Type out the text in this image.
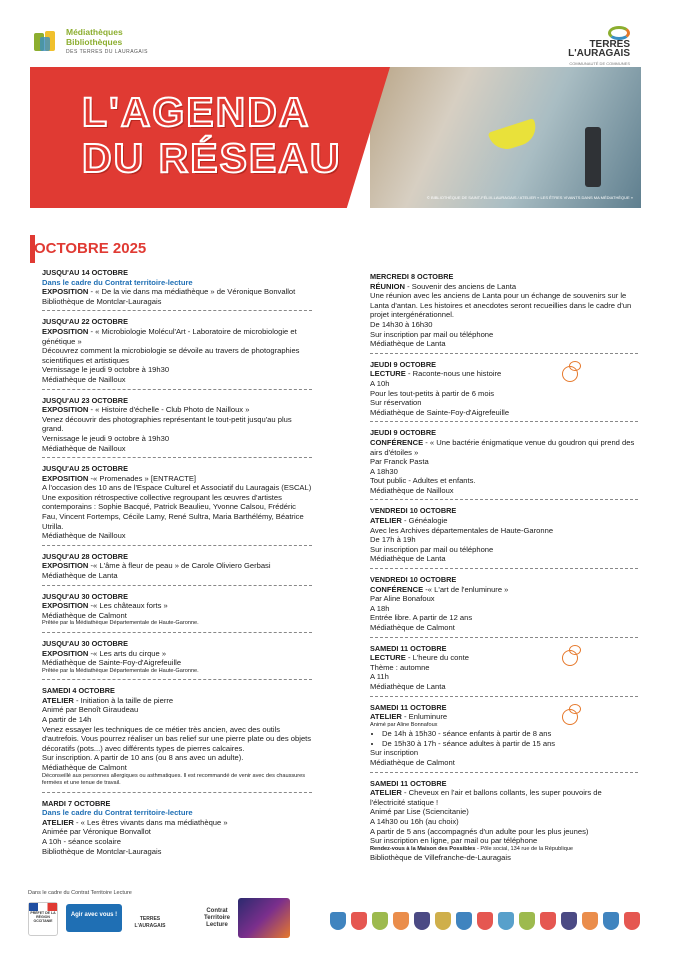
Médiathèques
Bibliothèques
DES TERRES DU LAURAGAIS
TERRES
L'AURAGAIS
COMMUNAUTÉ DE COMMUNES
L'AGENDA
DU RÉSEAU
© BIBLIOTHÈQUE DE SAINT-FÉLIX-LAURAGAIS / ATELIER « LES ÊTRES VIVANTS DANS MA MÉDIATHÈQUE »
OCTOBRE 2025
JUSQU'AU 14 OCTOBRE
Dans le cadre du Contrat territoire-lecture
EXPOSITION - « De la vie dans ma médiathèque » de Véronique Bonvallot
Bibliothèque de Montclar-Lauragais
JUSQU'AU 22 OCTOBRE
EXPOSITION - « Microbiologie Molécul'Art - Laboratoire de microbiologie et génétique »
Découvrez comment la microbiologie se dévoile au travers de photographies scientifiques et artistiques
Vernissage le jeudi 9 octobre à 19h30
Médiathèque de Nailloux
JUSQU'AU 23 OCTOBRE
EXPOSITION - « Histoire d'échelle - Club Photo de Nailloux »
Venez découvrir des photographies représentant le tout-petit jusqu'au plus grand.
Vernissage le jeudi 9 octobre à 19h30
Médiathèque de Nailloux
JUSQU'AU 25 OCTOBRE
EXPOSITION -« Promenades » [ENTRACTE]
A l'occasion des 10 ans de l'Espace Culturel et Associatif du Lauragais (ESCAL)
Une exposition rétrospective collective regroupant les œuvres d'artistes contemporains : Sophie Bacqué, Patrick Beaulieu, Yvonne Calsou, Frédéric Fau, Vincent Fortemps, Cécile Lamy, René Sultra, Maria Barthélémy, Béatrice Utrilla.
Médiathèque de Nailloux
JUSQU'AU 28 OCTOBRE
EXPOSITION -« L'âme à fleur de peau » de Carole Oliviero Gerbasi
Médiathèque de Lanta
JUSQU'AU 30 OCTOBRE
EXPOSITION -« Les châteaux forts »
Médiathèque de Calmont
Prêtée par la Médiathèque Départementale de Haute-Garonne.
JUSQU'AU 30 OCTOBRE
EXPOSITION -« Les arts du cirque »
Médiathèque de Sainte-Foy-d'Aigrefeuille
Prêtée par la Médiathèque Départementale de Haute-Garonne.
SAMEDI 4 OCTOBRE
ATELIER - Initiation à la taille de pierre
Animé par Benoît Giraudeau
A partir de 14h
Venez essayer les techniques de ce métier très ancien, avec des outils d'autrefois. Vous pourrez réaliser un bas relief sur une pierre plate ou des objets décoratifs (pots...) avec différents types de pierres calcaires.
Sur inscription. A partir de 10 ans (ou 8 ans avec un adulte).
Médiathèque de Calmont
Déconseillé aux personnes allergiques ou asthmatiques. Il est recommandé de venir avec des chaussures fermées et une tenue de travail.
MARDI 7 OCTOBRE
Dans le cadre du Contrat territoire-lecture
ATELIER - « Les êtres vivants dans ma médiathèque »
Animée par Véronique Bonvallot
A 10h - séance scolaire
Bibliothèque de Montclar-Lauragais
MERCREDI 8 OCTOBRE
RÉUNION - Souvenir des anciens de Lanta
Une réunion avec les anciens de Lanta pour un échange de souvenirs sur le Lanta d'antan. Les histoires et anecdotes seront recueillies dans le cadre d'un projet intergénérationnel.
De 14h30 à 16h30
Sur inscription par mail ou téléphone
Médiathèque de Lanta
JEUDI 9 OCTOBRE
LECTURE - Raconte-nous une histoire
A 10h
Pour les tout-petits à partir de 6 mois
Sur réservation
Médiathèque de Sainte-Foy-d'Aigrefeuille
JEUDI 9 OCTOBRE
CONFÉRENCE - « Une bactérie énigmatique venue du goudron qui prend des airs d'étoiles »
Par Franck Pasta
A 18h30
Tout public - Adultes et enfants.
Médiathèque de Nailloux
VENDREDI 10 OCTOBRE
ATELIER - Généalogie
Avec les Archives départementales de Haute-Garonne
De 17h à 19h
Sur inscription par mail ou téléphone
Médiathèque de Lanta
VENDREDI 10 OCTOBRE
CONFÉRENCE -« L'art de l'enluminure »
Par Aline Bonafoux
A 18h
Entrée libre. A partir de 12 ans
Médiathèque de Calmont
SAMEDI 11 OCTOBRE
LECTURE - L'heure du conte
Thème : automne
A 11h
Médiathèque de Lanta
SAMEDI 11 OCTOBRE
ATELIER - Enluminure
Animé par Aline Bonnafoux
• De 14h à 15h30 - séance enfants à partir de 8 ans
• De 15h30 à 17h - séance adultes à partir de 15 ans
Sur inscription
Médiathèque de Calmont
SAMEDI 11 OCTOBRE
ATELIER - Cheveux en l'air et ballons collants, les super pouvoirs de l'électricité statique !
Animé par Lise (Sciencitanie)
A 14h30 ou 16h (au choix)
A partir de 5 ans (accompagnés d'un adulte pour les plus jeunes)
Sur inscription en ligne, par mail ou par téléphone
Rendez-vous à la Maison des Possibles - Pôle social, 134 rue de la République
Bibliothèque de Villefranche-de-Lauragais
Dans le cadre du Contrat Territoire Lecture
PRÉFET DE LA RÉGION OCCITANIE
Agir avec vous !
TERRES L'AURAGAIS
Contrat
Territoire
Lecture
